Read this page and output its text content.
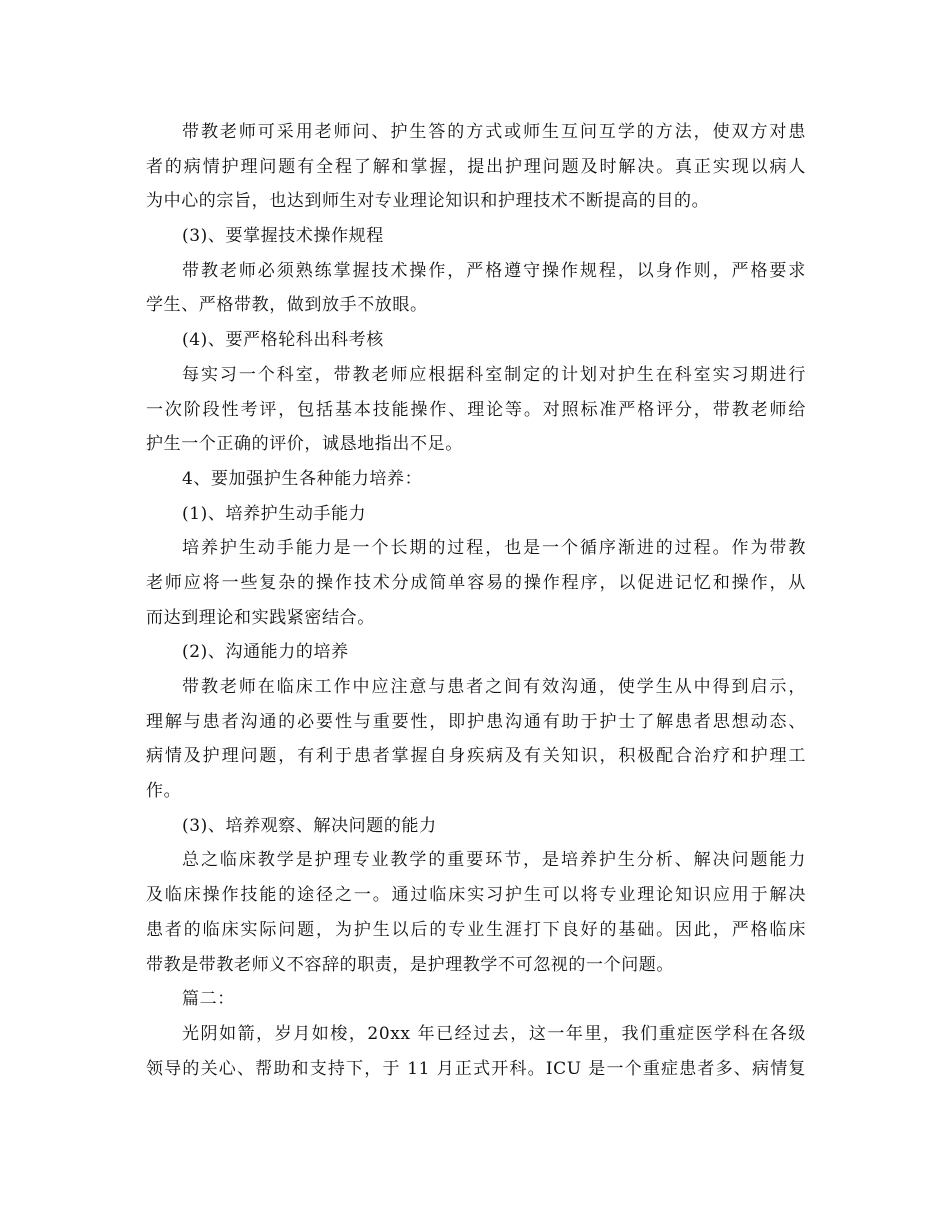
带教老师可采用老师问、护生答的方式或师生互问互学的方法，使双方对患
者的病情护理问题有全程了解和掌握，提出护理问题及时解决。真正实现以病人
为中心的宗旨，也达到师生对专业理论知识和护理技术不断提高的目的。
(3)、要掌握技术操作规程
带教老师必须熟练掌握技术操作，严格遵守操作规程，以身作则，严格要求
学生、严格带教，做到放手不放眼。
(4)、要严格轮科出科考核
每实习一个科室，带教老师应根据科室制定的计划对护生在科室实习期进行
一次阶段性考评，包括基本技能操作、理论等。对照标准严格评分，带教老师给
护生一个正确的评价，诚恳地指出不足。
4、要加强护生各种能力培养：
(1)、培养护生动手能力
培养护生动手能力是一个长期的过程，也是一个循序渐进的过程。作为带教
老师应将一些复杂的操作技术分成简单容易的操作程序，以促进记忆和操作，从
而达到理论和实践紧密结合。
(2)、沟通能力的培养
带教老师在临床工作中应注意与患者之间有效沟通，使学生从中得到启示，
理解与患者沟通的必要性与重要性，即护患沟通有助于护士了解患者思想动态、
病情及护理问题，有利于患者掌握自身疾病及有关知识，积极配合治疗和护理工
作。
(3)、培养观察、解决问题的能力
总之临床教学是护理专业教学的重要环节，是培养护生分析、解决问题能力
及临床操作技能的途径之一。通过临床实习护生可以将专业理论知识应用于解决
患者的临床实际问题，为护生以后的专业生涯打下良好的基础。因此，严格临床
带教是带教老师义不容辞的职责，是护理教学不可忽视的一个问题。
篇二：
光阴如箭，岁月如梭，20xx 年已经过去，这一年里，我们重症医学科在各级
领导的关心、帮助和支持下，于 11 月正式开科。ICU 是一个重症患者多、病情复
